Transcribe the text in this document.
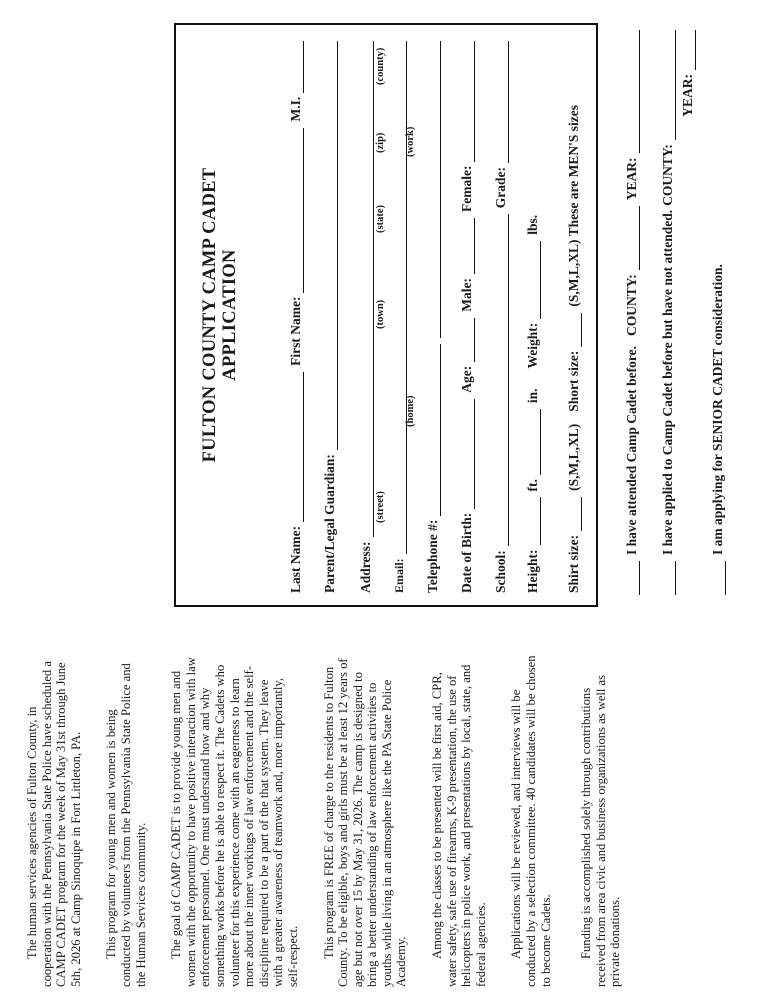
The human services agencies of Fulton County, in cooperation with the Pennsylvania State Police have scheduled a CAMP CADET program for the week of May 31st through June 5th, 2026 at Camp Sinoquipe in Fort Littleton, PA. This program for young men and women is being conducted by volunteers from the Pennsylvania State Police and the Human Services community. The goal of CAMP CADET is to provide young men and women with the opportunity to have positive interaction with law enforcement personnel. One must understand how and why something works before he is able to respect it. The Cadets who volunteer for this experience come with an eagerness to learn more about the inner workings of law enforcement and the self-discipline required to be a part of the that system. They leave with a greater awareness of teamwork and, more importantly, self-respect. This program is FREE of charge to the residents to Fulton County. To be eligible, boys and girls must be at least 12 years of age but not over 15 by May 31, 2026. The camp is designed to bring a better understanding of law enforcement activities to youths while living in an atmosphere like the PA State Police Academy.

Among the classes to be presented will be first aid, CPR, water safety, safe use of firearms, K-9 presentation, the use of helicopters in police work, and presentations by local, state, and federal agencies. Applications will be reviewed, and interviews will be conducted by a selection committee. 40 candidates will be chosen to become Cadets. Funding is accomplished solely through contributions received from area civic and business organizations as well as private donations.

FULTON COUNTY CAMP CADET APPLICATION
Last Name:
First Name:
M.I.
Parent/Legal Guardian: Address:
(street)
(town)
(state)
(zip)
(county)
Email: Telephone #:
(home)
(work)
Date of Birth:
Age:
Male:
Female:
School:
Grade:
Height:
ft.
in.
Weight:
lbs.
Shirt size:
(S,M,L,XL)
Short size:
(S,M,L,XL) These are MEN'S sizes
I have attended Camp Cadet before.
COUNTY:
YEAR:
I have applied to Camp Cadet before but have not attended.
COUNTY:
YEAR:
I am applying for SENIOR CADET consideration.
